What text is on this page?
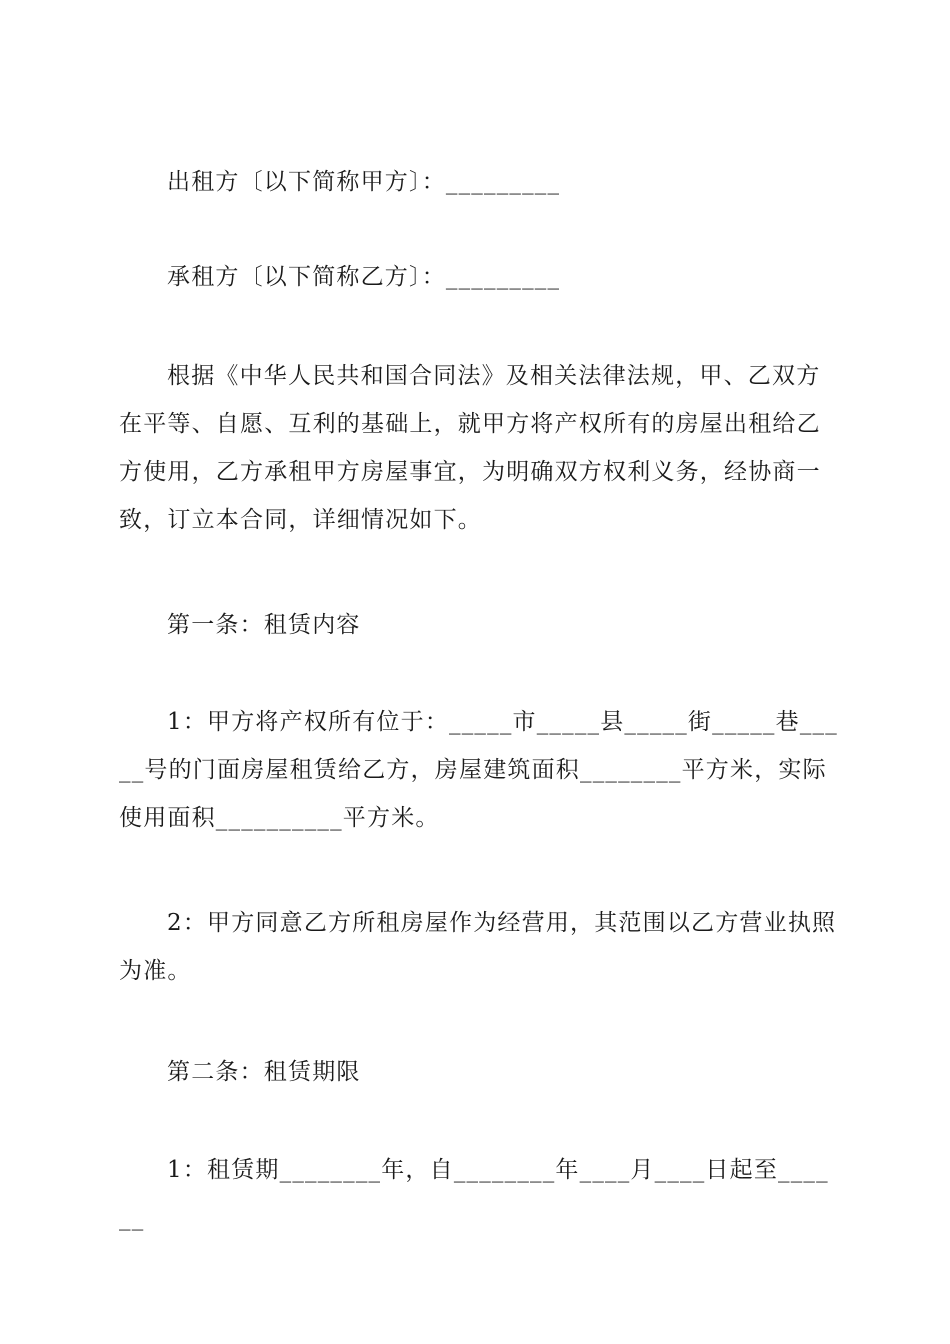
出租方〔以下简称甲方〕：_________

承租方〔以下简称乙方〕：_________

根据《中华人民共和国合同法》及相关法律法规，甲、乙双方在平等、自愿、互利的基础上，就甲方将产权所有的房屋出租给乙方使用，乙方承租甲方房屋事宜，为明确双方权利义务，经协商一致，订立本合同，详细情况如下。

第一条：租赁内容

1：甲方将产权所有位于：_____市_____县_____街_____巷_____号的门面房屋租赁给乙方，房屋建筑面积________平方米，实际使用面积__________平方米。

2：甲方同意乙方所租房屋作为经营用，其范围以乙方营业执照为准。

第二条：租赁期限

1：租赁期________年，自________年____月____日起至______
